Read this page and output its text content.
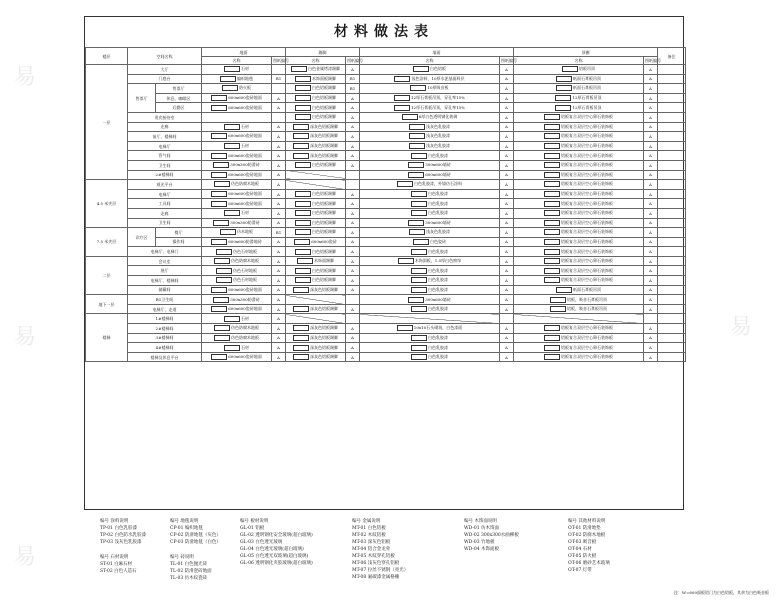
易
易
易
易
材料做法表
楼层	空间名称		地面		踢脚		墙面		顶棚		备注
			名称	图纸编号	名称	图纸编号	名称	图纸编号	名称	图纸编号	
一层	大厅		石材		白色金属烤漆踢脚	A	白色铝板	A	铝板吊顶	A	
	门庭台		编织地毯	B1	木饰面板踢脚	B1	浅色涂料，10厚水泥基面料层	A	纸面石膏板吊顶	A	
	售票厅	售票厅	防火板		白色铝板踢脚	B1	10厚吸音板	A	纸面石膏板吊顶	A	
		休息、咖啡区	600x600瓷砖地面	A	白色铝板踢脚	A	12厚石膏板吊顶，穿孔率15%	A	12厚石膏板吊顶	A	
		后勤区	600x600瓷砖地面	A	白色铝板踢脚	A	12厚石膏板吊顶，穿孔率15%	A	12厚石膏板吊顶	A	
	贵宾接待室				白色铝板踢脚	A	6厚白色透明钢化玻璃	A	铝板复合双层空心卵石装饰板	A	
	走廊		石材	A	深灰色铝板踢脚	A	浅灰色乳胶漆	A	铝板复合双层空心卵石装饰板	A	
	前厅、楼梯间		600x600瓷砖地面	A	深灰色铝板踢脚	A	浅灰色乳胶漆	A	铝板复合双层空心卵石装饰板	A	
	电梯厅		石材	A	深灰色铝板踢脚	A	浅灰色乳胶漆	A	铝板复合双层空心卵石装饰板	A	
	管气间		600x600瓷砖地面	A	深灰色铝板踢脚	A	白色乳胶漆	A	铝板复合双层空心卵石装饰板	A	
	卫生间		300x300防滑砖	A	白色铝板踢脚	A	300x600墙砖	A	铝板复合双层空心卵石装饰板	A	
	2#楼梯间		600x600瓷砖地面	A			600x600墙砖	A	铝板复合双层空心卵石装饰板	A	
4.5 米夹层	观光平台		仿色防腐木地板	A			白色乳胶漆，外墙仿石涂料	A	铝板复合双层空心卵石装饰板	A	
	电梯厅		600x600瓷砖地面	A	白色铝板踢脚	A	白色乳胶漆	A	铝板复合双层空心卵石装饰板	A	
	工具间		600x600瓷砖地面	A	白色铝板踢脚	A	白色乳胶漆	A	铝板复合双层空心卵石装饰板	A	
	走廊		石材	A	白色铝板踢脚	A	白色乳胶漆	A	铝板复合双层空心卵石装饰板	A	
	卫生间		300x300防滑砖	A	白色铝板踢脚	A	300x600墙砖	A	铝板复合双层空心卵石装饰板	A	
7.5 米夹层	诊疗区	餐厅	仿木地板	B1	白色铝板踢脚	A	浅灰色乳胶漆	A	铝板复合双层空心卵石装饰板	A	
		操作间	600x600防滑地砖	A	600x600瓷砖	A	白色瓷砖	A	铝板复合双层空心卵石装饰板	A	
	电梯厅、电梯门		仿色石材地板	A	白色铝板踢脚	A	白色乳胶漆	A	铝板复合双层空心卵石装饰板	A	
二层	会议室		仿色防腐木地板	A	木饰面踢脚	A	木饰面板，1.5厚白色窗帘	A	铝板复合双层空心卵石装饰板	A	
	展厅		仿色石材地板	A	白色铝板踢脚	A	白色乳胶漆	A	铝板复合双层空心卵石装饰板	A	
	电梯厅、楼梯间		仿色石材地板	A	白色铝板踢脚	A	白色乳胶漆	A	铝板复合双层空心卵石装饰板	A	
	储藏间		600x600瓷砖地面	A	深灰色铝板踢脚	A	白色乳胶漆	A	纸面石膏板吊顶	A	
地下一层	B1卫生间		300x300防滑砖	A			300x600墙砖	A	铝板，吸音石膏板吊顶	A	
	电梯厅、走道		600x600瓷砖地面	A	深灰色铝板踢脚	A	白色乳胶漆	A	铝板，吸音石膏板吊顶	A	
楼梯	1#楼梯间		石材	A							
	2#楼梯间		仿色防腐木地板	A	深灰色铝板踢脚	A	10x10石头砌筑，白色漆面	A	铝板复合双层空心卵石装饰板	A	
	3#楼梯间		仿色防腐木地板	A	深灰色铝板踢脚	A	白色乳胶漆	A	铝板复合双层空心卵石装饰板	A	
	4#楼梯间		石材	A	深灰色铝板踢脚	A	白色乳胶漆	A	铝板复合双层空心卵石装饰板	A	
	楼梯及休息平台		600x600瓷砖地面	A	深灰色铝板踢脚	A	白色乳胶漆	A	铝板复合双层空心卵石装饰板	A	
编号 涂料说明
TP-01 白色乳胶漆
TP-02 白色防水乳胶漆
TP-03 浅灰色乳胶漆
编号 地毯说明
CP-01 编织地毯
CP-02 防滑地毯（灰色）
CP-03 防滑地毯（白色）
编号 板材说明
GL-01 铝板
GL-02 透明钢化安全玻璃(超白玻璃)
GL-03 白色透光玻璃
GL-04 白色透光玻璃(超白玻璃)
GL-05 白色透光双玻璃(超白玻璃)
GL-06 透明钢化夹胶玻璃(超白玻璃)
编号 金属说明
MT-01 白色铝板
MT-02 木纹铝板
MT-03 深灰色铝板
MT-04 铝合金龙骨
MT-05 木纹穿孔铝板
MT-06 浅灰色穿孔铝板
MT-07 拉丝不锈钢（亮光）
MT-08 氟碳漆金属格栅
编号 木饰面说明
WD-01 仿木饰面
WD-02 300x300水曲柳板
WD-03 竹地板
WD-04 木饰面板
编号 其他材料说明
OT-01 防滑地垫
OT-02 防腐木地板
OT-03 吸音板
OT-04 石材
OT-05 防火板
OT-06 磨砂艺术玻璃
OT-07 灯带
编号 石材说明
ST-01 白麻石材
ST-02 白色人造石
编号 砖说明
TL-01 白色抛光砖
TL-02 防滑瓷砖地面
TL-03 仿木纹瓷砖
注：W=600面板铝门为白色铝板，其余为白色吸音板
